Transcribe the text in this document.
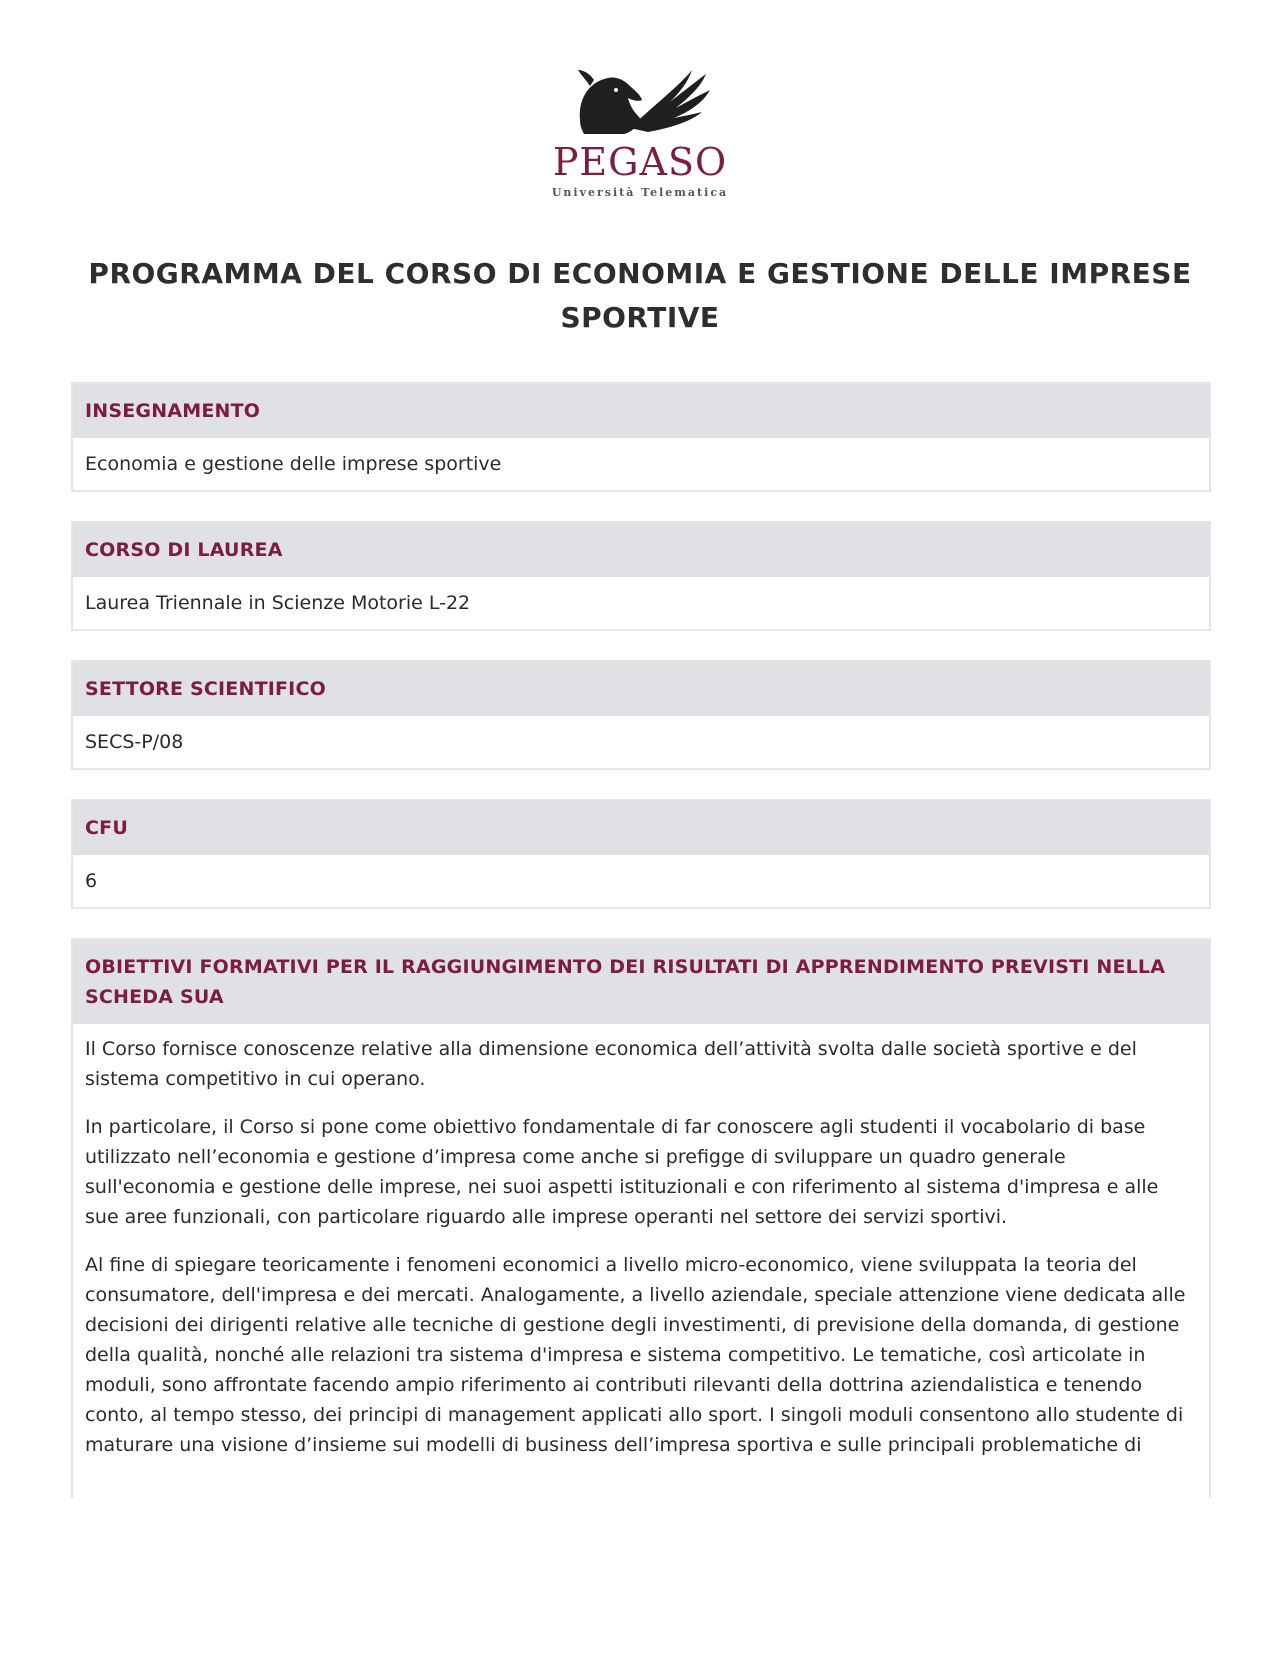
PEGASO
Università Telematica
PROGRAMMA DEL CORSO DI ECONOMIA E GESTIONE DELLE IMPRESE SPORTIVE
INSEGNAMENTO
Economia e gestione delle imprese sportive
CORSO DI LAUREA
Laurea Triennale in Scienze Motorie L-22
SETTORE SCIENTIFICO
SECS-P/08
CFU
6
OBIETTIVI FORMATIVI PER IL RAGGIUNGIMENTO DEI RISULTATI DI APPRENDIMENTO PREVISTI NELLA SCHEDA SUA

Il Corso fornisce conoscenze relative alla dimensione economica dell’attività svolta dalle società sportive e del sistema competitivo in cui operano.

In particolare, il Corso si pone come obiettivo fondamentale di far conoscere agli studenti il vocabolario di base utilizzato nell’economia e gestione d’impresa come anche si prefigge di sviluppare un quadro generale sull'economia e gestione delle imprese, nei suoi aspetti istituzionali e con riferimento al sistema d'impresa e alle sue aree funzionali, con particolare riguardo alle imprese operanti nel settore dei servizi sportivi.

Al fine di spiegare teoricamente i fenomeni economici a livello micro-economico, viene sviluppata la teoria del consumatore, dell'impresa e dei mercati. Analogamente, a livello aziendale, speciale attenzione viene dedicata alle decisioni dei dirigenti relative alle tecniche di gestione degli investimenti, di previsione della domanda, di gestione della qualità, nonché alle relazioni tra sistema d'impresa e sistema competitivo. Le tematiche, così articolate in moduli, sono affrontate facendo ampio riferimento ai contributi rilevanti della dottrina aziendalistica e tenendo conto, al tempo stesso, dei principi di management applicati allo sport. I singoli moduli consentono allo studente di maturare una visione d’insieme sui modelli di business dell’impresa sportiva e sulle principali problematiche di
